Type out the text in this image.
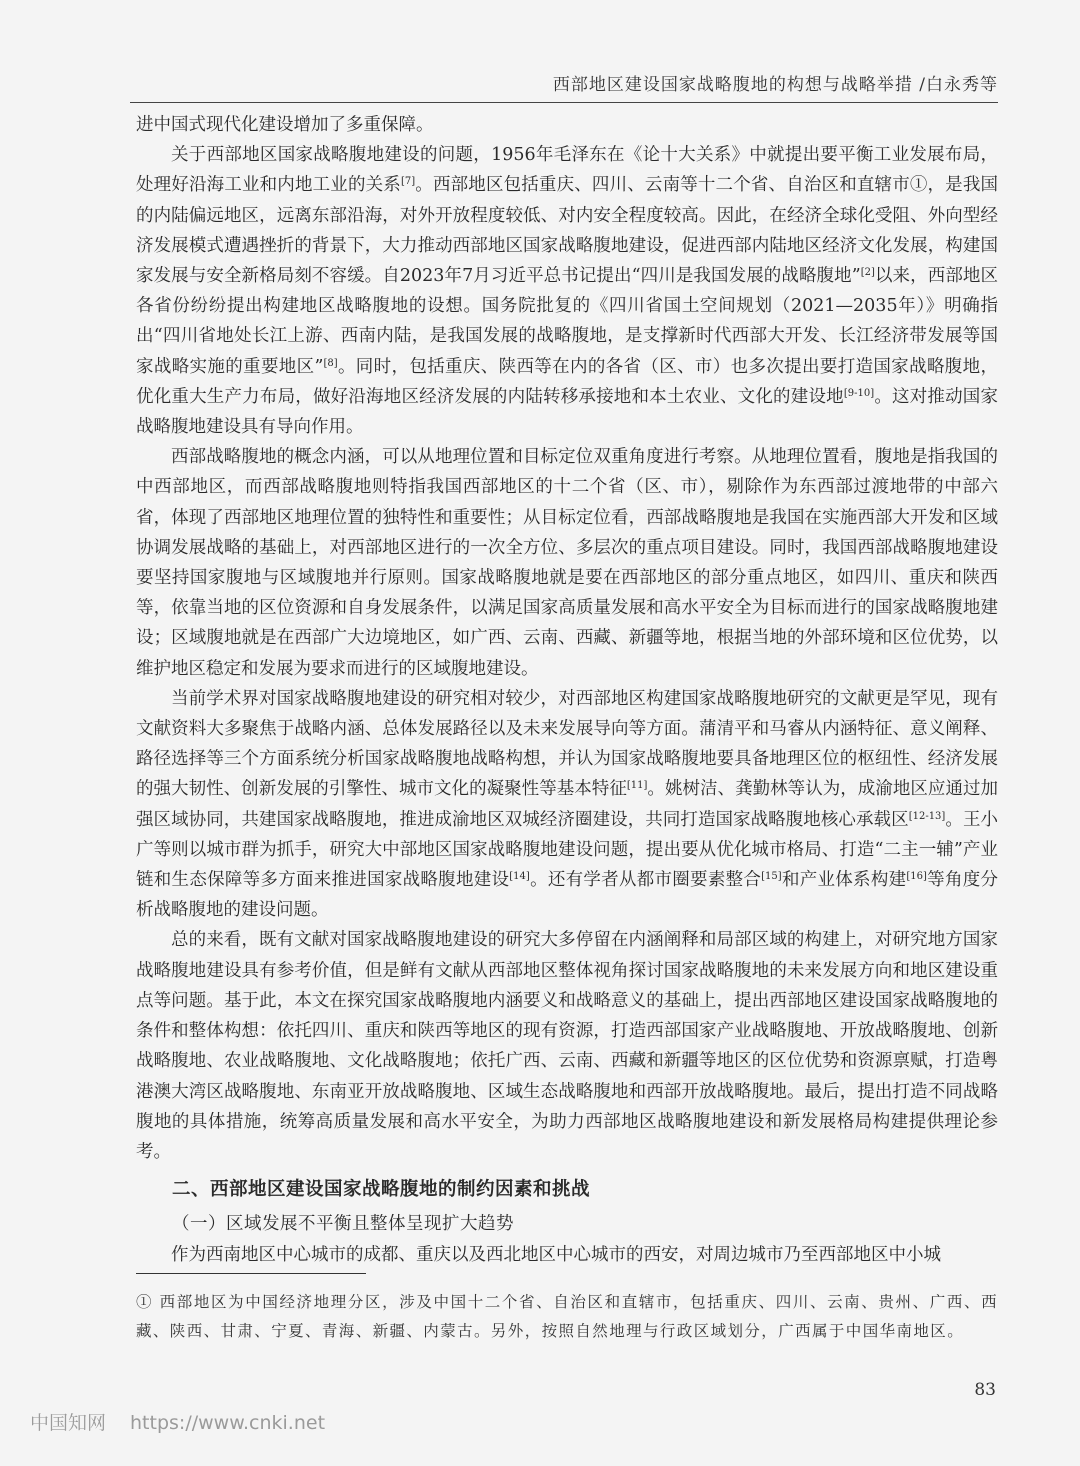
西部地区建设国家战略腹地的构想与战略举措 /白永秀等

进中国式现代化建设增加了多重保障。

关于西部地区国家战略腹地建设的问题，1956年毛泽东在《论十大关系》中就提出要平衡工业发展布局，处理好沿海工业和内地工业的关系[7]。西部地区包括重庆、四川、云南等十二个省、自治区和直辖市①，是我国的内陆偏远地区，远离东部沿海，对外开放程度较低、对内安全程度较高。因此，在经济全球化受阻、外向型经济发展模式遭遇挫折的背景下，大力推动西部地区国家战略腹地建设，促进西部内陆地区经济文化发展，构建国家发展与安全新格局刻不容缓。自2023年7月习近平总书记提出“四川是我国发展的战略腹地”[2]以来，西部地区各省份纷纷提出构建地区战略腹地的设想。国务院批复的《四川省国土空间规划（2021—2035年）》明确指出“四川省地处长江上游、西南内陆，是我国发展的战略腹地，是支撑新时代西部大开发、长江经济带发展等国家战略实施的重要地区”[8]。同时，包括重庆、陕西等在内的各省（区、市）也多次提出要打造国家战略腹地，优化重大生产力布局，做好沿海地区经济发展的内陆转移承接地和本土农业、文化的建设地[9-10]。这对推动国家战略腹地建设具有导向作用。

西部战略腹地的概念内涵，可以从地理位置和目标定位双重角度进行考察。从地理位置看，腹地是指我国的中西部地区，而西部战略腹地则特指我国西部地区的十二个省（区、市），剔除作为东西部过渡地带的中部六省，体现了西部地区地理位置的独特性和重要性；从目标定位看，西部战略腹地是我国在实施西部大开发和区域协调发展战略的基础上，对西部地区进行的一次全方位、多层次的重点项目建设。同时，我国西部战略腹地建设要坚持国家腹地与区域腹地并行原则。国家战略腹地就是要在西部地区的部分重点地区，如四川、重庆和陕西等，依靠当地的区位资源和自身发展条件，以满足国家高质量发展和高水平安全为目标而进行的国家战略腹地建设；区域腹地就是在西部广大边境地区，如广西、云南、西藏、新疆等地，根据当地的外部环境和区位优势，以维护地区稳定和发展为要求而进行的区域腹地建设。

当前学术界对国家战略腹地建设的研究相对较少，对西部地区构建国家战略腹地研究的文献更是罕见，现有文献资料大多聚焦于战略内涵、总体发展路径以及未来发展导向等方面。蒲清平和马睿从内涵特征、意义阐释、路径选择等三个方面系统分析国家战略腹地战略构想，并认为国家战略腹地要具备地理区位的枢纽性、经济发展的强大韧性、创新发展的引擎性、城市文化的凝聚性等基本特征[11]。姚树洁、龚勤林等认为，成渝地区应通过加强区域协同，共建国家战略腹地，推进成渝地区双城经济圈建设，共同打造国家战略腹地核心承载区[12-13]。王小广等则以城市群为抓手，研究大中部地区国家战略腹地建设问题，提出要从优化城市格局、打造“二主一辅”产业链和生态保障等多方面来推进国家战略腹地建设[14]。还有学者从都市圈要素整合[15]和产业体系构建[16]等角度分析战略腹地的建设问题。

总的来看，既有文献对国家战略腹地建设的研究大多停留在内涵阐释和局部区域的构建上，对研究地方国家战略腹地建设具有参考价值，但是鲜有文献从西部地区整体视角探讨国家战略腹地的未来发展方向和地区建设重点等问题。基于此，本文在探究国家战略腹地内涵要义和战略意义的基础上，提出西部地区建设国家战略腹地的条件和整体构想：依托四川、重庆和陕西等地区的现有资源，打造西部国家产业战略腹地、开放战略腹地、创新战略腹地、农业战略腹地、文化战略腹地；依托广西、云南、西藏和新疆等地区的区位优势和资源禀赋，打造粤港澳大湾区战略腹地、东南亚开放战略腹地、区域生态战略腹地和西部开放战略腹地。最后，提出打造不同战略腹地的具体措施，统筹高质量发展和高水平安全，为助力西部地区战略腹地建设和新发展格局构建提供理论参考。

二、西部地区建设国家战略腹地的制约因素和挑战

（一）区域发展不平衡且整体呈现扩大趋势

作为西南地区中心城市的成都、重庆以及西北地区中心城市的西安，对周边城市乃至西部地区中小城

① 西部地区为中国经济地理分区，涉及中国十二个省、自治区和直辖市，包括重庆、四川、云南、贵州、广西、西藏、陕西、甘肃、宁夏、青海、新疆、内蒙古。另外，按照自然地理与行政区域划分，广西属于中国华南地区。
83
中国知网 https://www.cnki.net
